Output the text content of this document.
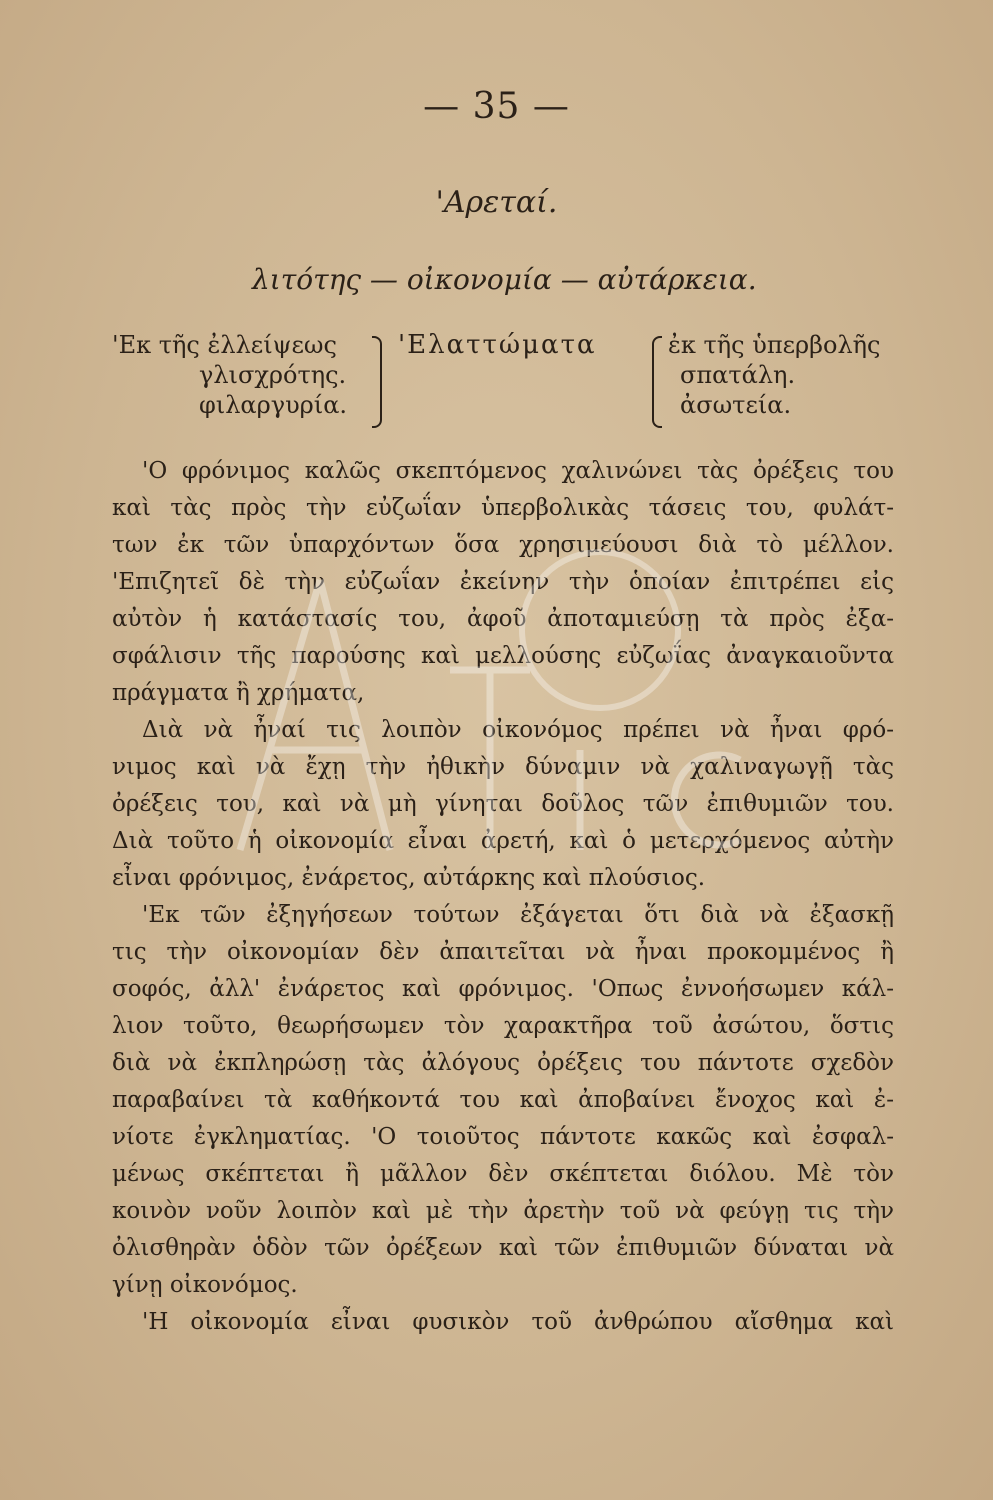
— 35 —
'Αρεταί.
λιτότης — οἰκονομία — αὐτάρκεια.
'Εκ τῆς ἐλλείψεως
γλισχρότης.
φιλαργυρία.
'Ελαττώματα	ἐκ τῆς ὑπερβολῆς
σπατάλη.
ἀσωτεία.
'Ο φρόνιμος καλῶς σκεπτόμενος χαλινώνει τὰς ὀρέξεις του
καὶ τὰς πρὸς τὴν εὐζωΐαν ὑπερβολικὰς τάσεις του, φυλάτ-
των ἐκ τῶν ὑπαρχόντων ὅσα χρησιμεύουσι διὰ τὸ μέλλον.
'Επιζητεῖ δὲ τὴν εὐζωΐαν ἐκείνην τὴν ὁποίαν ἐπιτρέπει εἰς
αὐτὸν ἡ κατάστασίς του, ἀφοῦ ἀποταμιεύσῃ τὰ πρὸς ἐξα-
σφάλισιν τῆς παρούσης καὶ μελλούσης εὐζωΐας ἀναγκαιοῦντα
πράγματα ἢ χρήματα,
Διὰ νὰ ἦναί τις λοιπὸν οἰκονόμος πρέπει νὰ ἦναι φρό-
νιμος καὶ νὰ ἔχῃ τὴν ἠθικὴν δύναμιν νὰ χαλιναγωγῇ τὰς
ὀρέξεις του, καὶ νὰ μὴ γίνηται δοῦλος τῶν ἐπιθυμιῶν του.
Διὰ τοῦτο ἡ οἰκονομία εἶναι ἀρετή, καὶ ὁ μετερχόμενος αὐτὴν
εἶναι φρόνιμος, ἐνάρετος, αὐτάρκης καὶ πλούσιος.
'Εκ τῶν ἐξηγήσεων τούτων ἐξάγεται ὅτι διὰ νὰ ἐξασκῇ
τις τὴν οἰκονομίαν δὲν ἀπαιτεῖται νὰ ἦναι προκομμένος ἢ
σοφός, ἀλλ' ἐνάρετος καὶ φρόνιμος. 'Οπως ἐννοήσωμεν κάλ-
λιον τοῦτο, θεωρήσωμεν τὸν χαρακτῆρα τοῦ ἀσώτου, ὅστις
διὰ νὰ ἐκπληρώσῃ τὰς ἀλόγους ὀρέξεις του πάντοτε σχεδὸν
παραβαίνει τὰ καθήκοντά του καὶ ἀποβαίνει ἔνοχος καὶ ἐ-
νίοτε ἐγκληματίας. 'Ο τοιοῦτος πάντοτε κακῶς καὶ ἐσφαλ-
μένως σκέπτεται ἢ μᾶλλον δὲν σκέπτεται διόλου. Μὲ τὸν
κοινὸν νοῦν λοιπὸν καὶ μὲ τὴν ἀρετὴν τοῦ νὰ φεύγῃ τις τὴν
ὀλισθηρὰν ὁδὸν τῶν ὀρέξεων καὶ τῶν ἐπιθυμιῶν δύναται νὰ
γίνῃ οἰκονόμος.
'Η οἰκονομία εἶναι φυσικὸν τοῦ ἀνθρώπου αἴσθημα καὶ
